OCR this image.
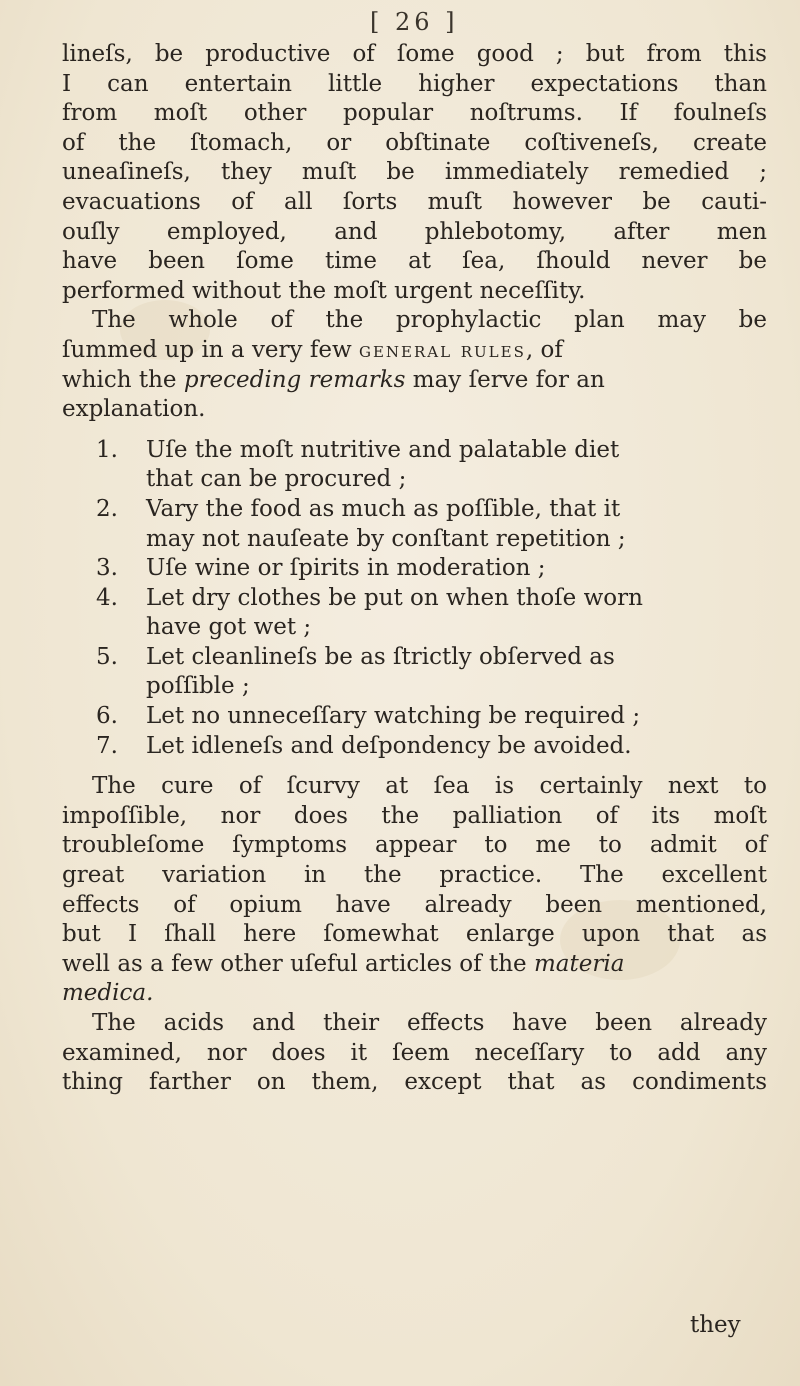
[ 26 ]
lineſs, be productive of ſome good ; but from this
I can entertain little higher expectations than
from moſt other popular noſtrums. If foulneſs
of the ſtomach, or obſtinate coſtiveneſs, create
uneaſineſs, they muſt be immediately remedied ;
evacuations of all ſorts muſt however be cauti-
ouſly employed, and phlebotomy, after men
have been ſome time at ſea, ſhould never be
performed without the moſt urgent neceſſity.
The whole of the prophylactic plan may be
ſummed up in a very few general rules, of
which the preceding remarks may ſerve for an
explanation.
1.	Uſe the moſt nutritive and palatable diet
that can be procured ;
2.	Vary the food as much as poſſible, that it
may not nauſeate by conſtant repetition ;
3.	Uſe wine or ſpirits in moderation ;
4.	Let dry clothes be put on when thoſe worn
have got wet ;
5.	Let cleanlineſs be as ſtrictly obſerved as
poſſible ;
6.	Let no unneceſſary watching be required ;
7.	Let idleneſs and deſpondency be avoided.
The cure of ſcurvy at ſea is certainly next to
impoſſible, nor does the palliation of its moſt
troubleſome ſymptoms appear to me to admit of
great variation in the practice. The excellent
effects of opium have already been mentioned,
but I ſhall here ſomewhat enlarge upon that as
well as a few other uſeful articles of the materia
medica.
The acids and their effects have been already
examined, nor does it ſeem neceſſary to add any
thing farther on them, except that as condiments
they
